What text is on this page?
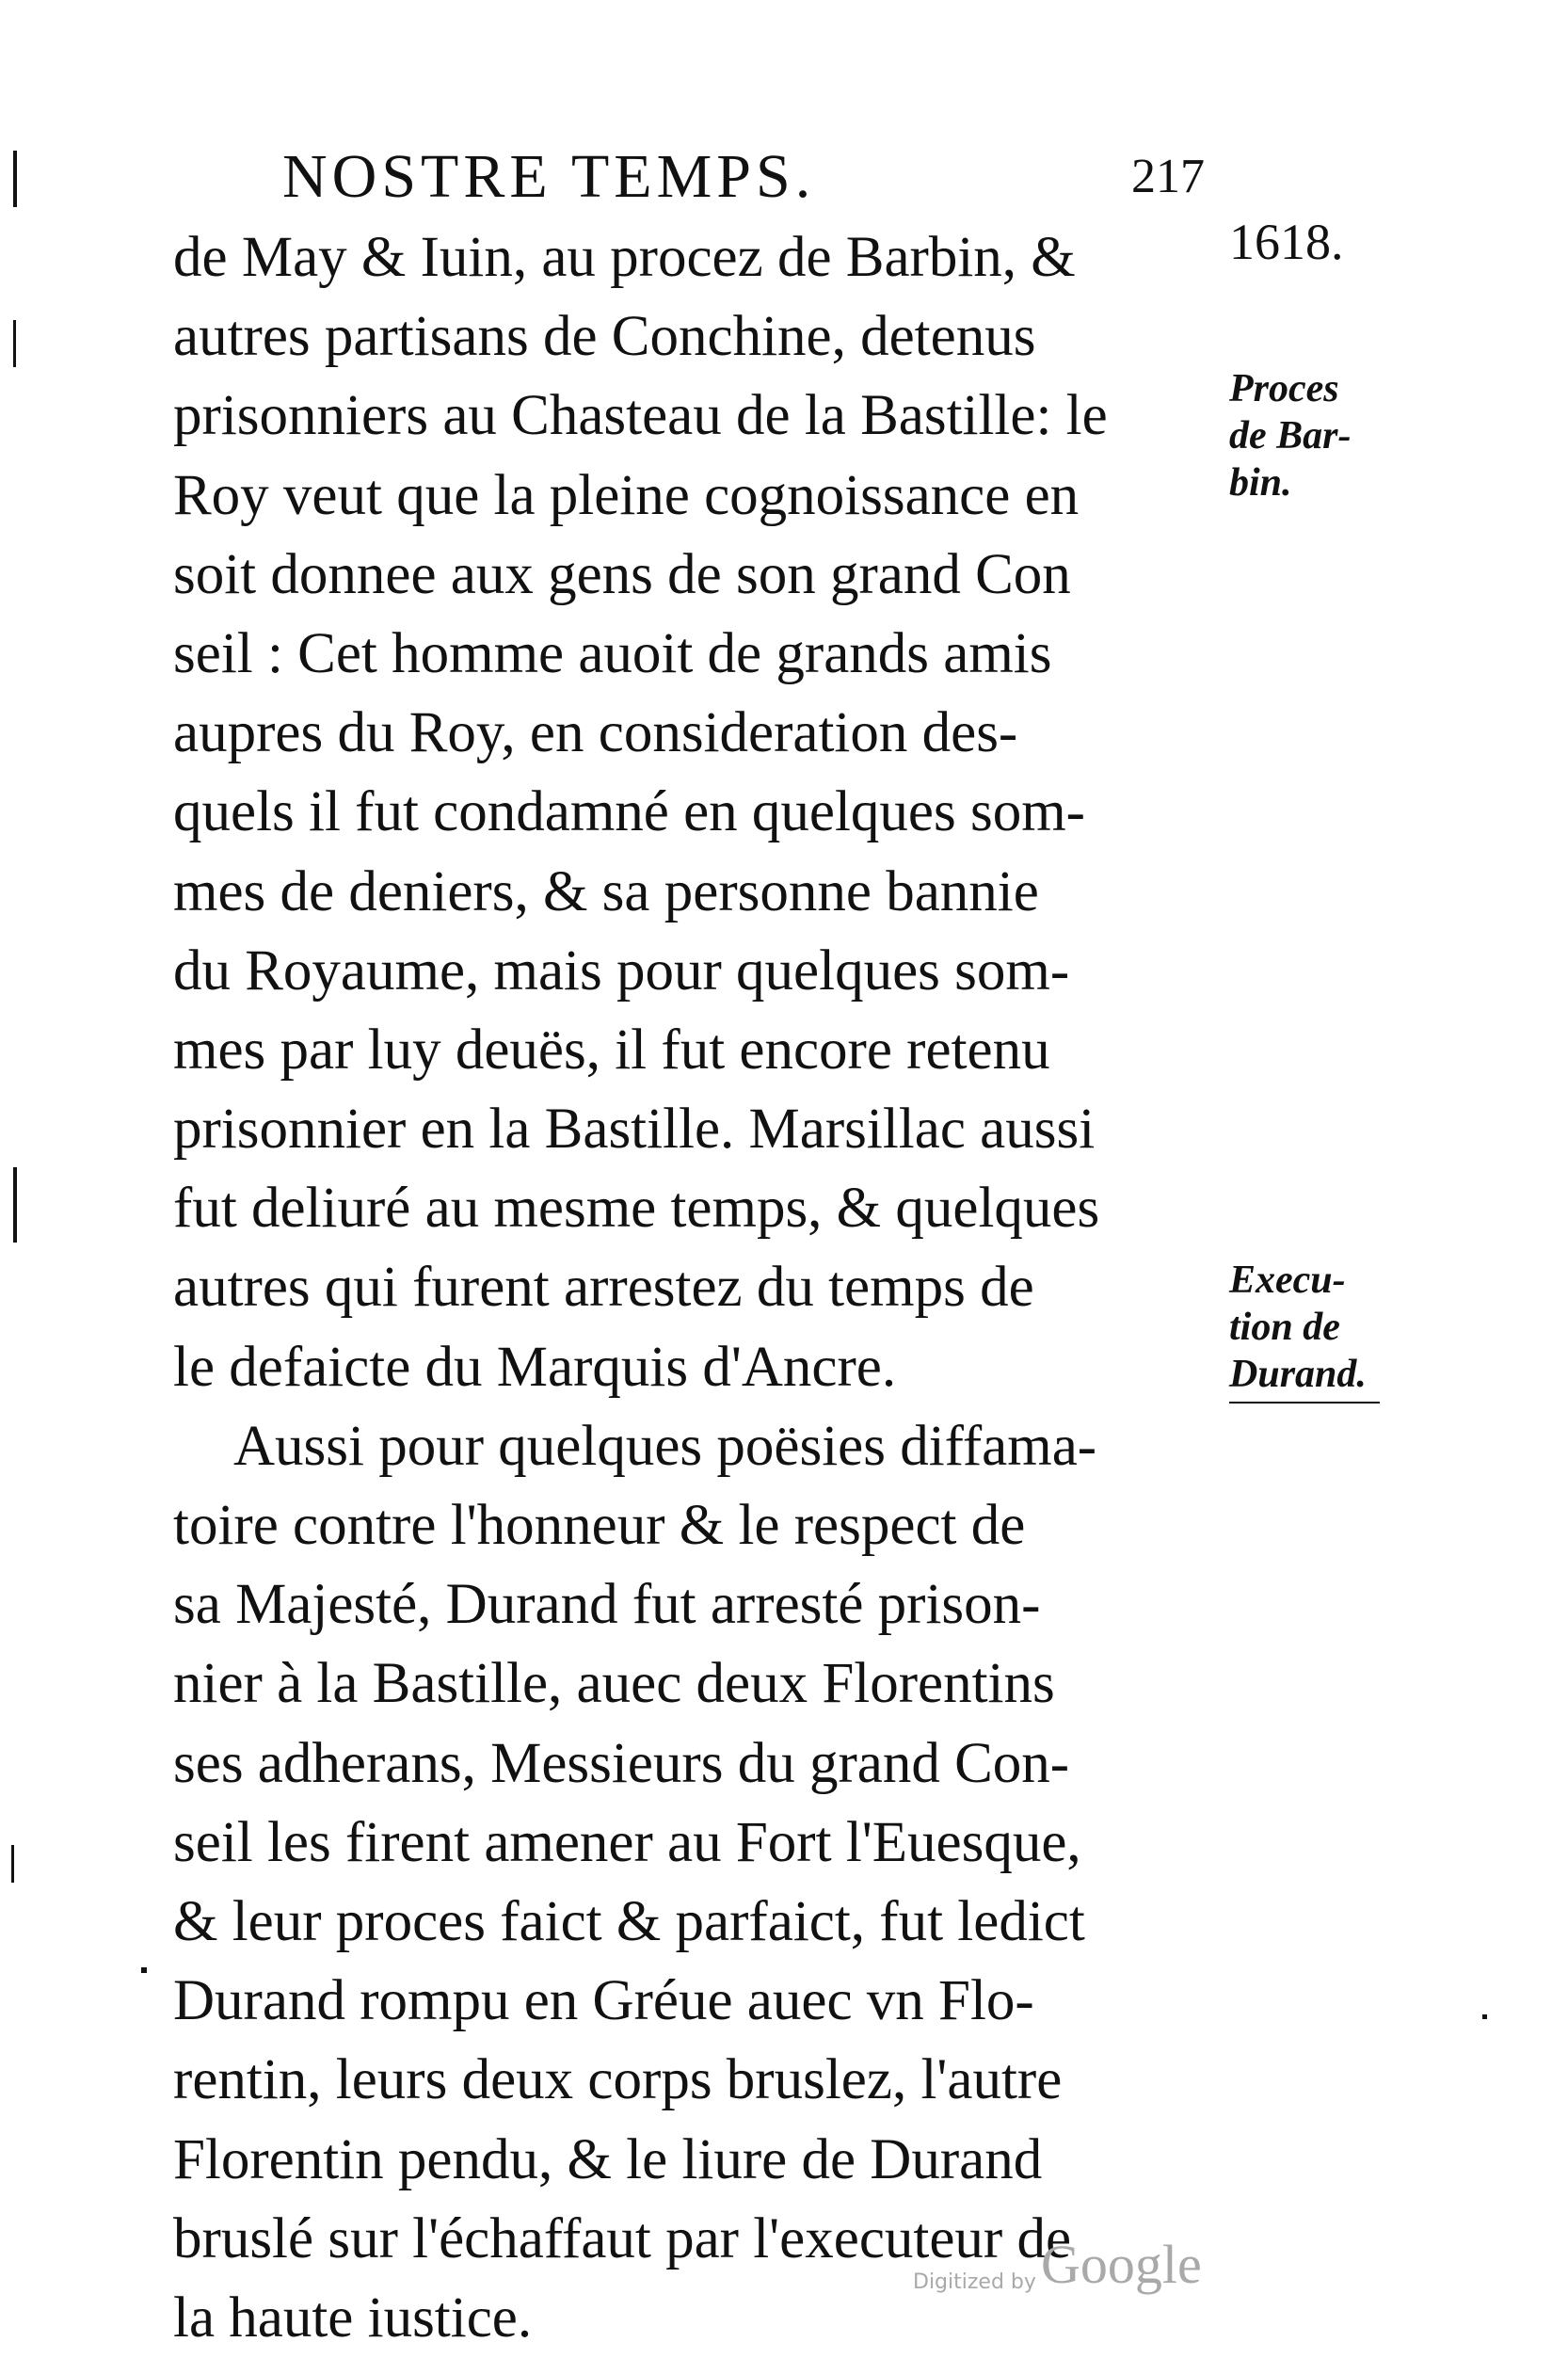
NOSTRE TEMPS.	217
de May & Iuin, au procez de Barbin, &
autres partisans de Conchine, detenus
prisonniers au Chasteau de la Bastille: le
Roy veut que la pleine cognoissance en
soit donnee aux gens de son grand Con
seil : Cet homme auoit de grands amis
aupres du Roy, en consideration des-
quels il fut condamné en quelques som-
mes de deniers, & sa personne bannie
du Royaume, mais pour quelques som-
mes par luy deuës, il fut encore retenu
prisonnier en la Bastille. Marsillac aussi
fut deliuré au mesme temps, & quelques
autres qui furent arrestez du temps de
le defaicte du Marquis d'Ancre.
Aussi pour quelques poësies diffama-
toire contre l'honneur & le respect de
sa Majesté, Durand fut arresté prison-
nier à la Bastille, auec deux Florentins
ses adherans, Messieurs du grand Con-
seil les firent amener au Fort l'Euesque,
& leur proces faict & parfaict, fut ledict
Durand rompu en Gréue auec vn Flo-
rentin, leurs deux corps bruslez, l'autre
Florentin pendu, & le liure de Durand
bruslé sur l'échaffaut par l'executeur de
la haute iustice.
1618.
Proces
de Bar-
bin.
Execu-
tion de
Durand.
Digitized by Google
